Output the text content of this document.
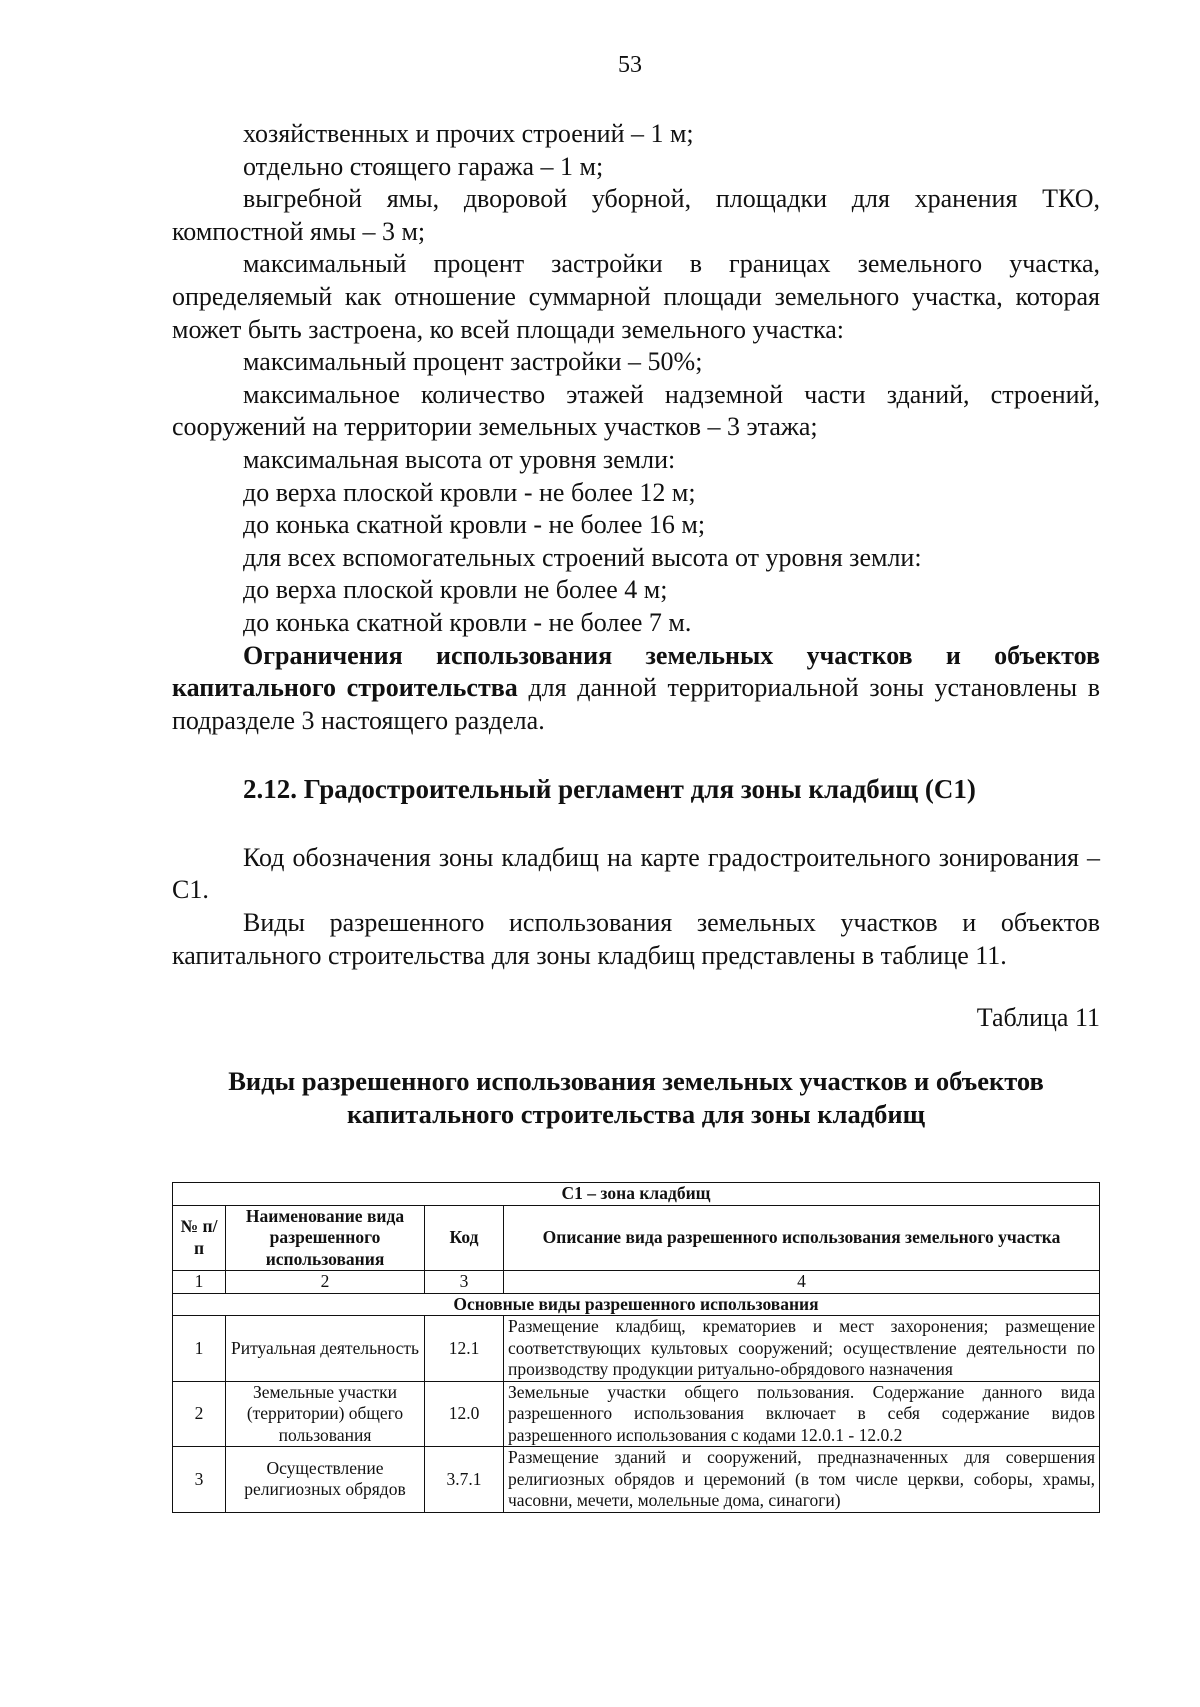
53

хозяйственных и прочих строений – 1 м;

отдельно стоящего гаража – 1 м;

выгребной ямы, дворовой уборной, площадки для хранения ТКО, компостной ямы – 3 м;

максимальный процент застройки в границах земельного участка, определяемый как отношение суммарной площади земельного участка, которая может быть застроена, ко всей площади земельного участка:

максимальный процент застройки – 50%;

максимальное количество этажей надземной части зданий, строений, сооружений на территории земельных участков – 3 этажа;

максимальная высота от уровня земли:

до верха плоской кровли - не более 12 м;

до конька скатной кровли - не более 16 м;

для всех вспомогательных строений высота от уровня земли:

до верха плоской кровли не более 4 м;

до конька скатной кровли - не более 7 м.

Ограничения использования земельных участков и объектов капитального строительства для данной территориальной зоны установлены в подразделе 3 настоящего раздела.

2.12. Градостроительный регламент для зоны кладбищ (С1)

Код обозначения зоны кладбищ на карте градостроительного зонирования – С1.

Виды разрешенного использования земельных участков и объектов капитального строительства для зоны кладбищ представлены в таблице 11.

Таблица 11

Виды разрешенного использования земельных участков и объектов
капитального строительства для зоны кладбищ

С1 – зона кладбищ			
№ п/п	Наименование вида разрешенного использования	Код	Описание вида разрешенного использования земельного участка
1	2	3	4
Основные виды разрешенного использования			
1	Ритуальная деятельность	12.1	Размещение кладбищ, крематориев и мест захоронения; размещение соответствующих культовых сооружений; осуществление деятельности по производству продукции ритуально-обрядового назначения
2	Земельные участки (территории) общего пользования	12.0	Земельные участки общего пользования. Содержание данного вида разрешенного использования включает в себя содержание видов разрешенного использования с кодами 12.0.1 - 12.0.2
3	Осуществление религиозных обрядов	3.7.1	Размещение зданий и сооружений, предназначенных для совершения религиозных обрядов и церемоний (в том числе церкви, соборы, храмы, часовни, мечети, молельные дома, синагоги)
